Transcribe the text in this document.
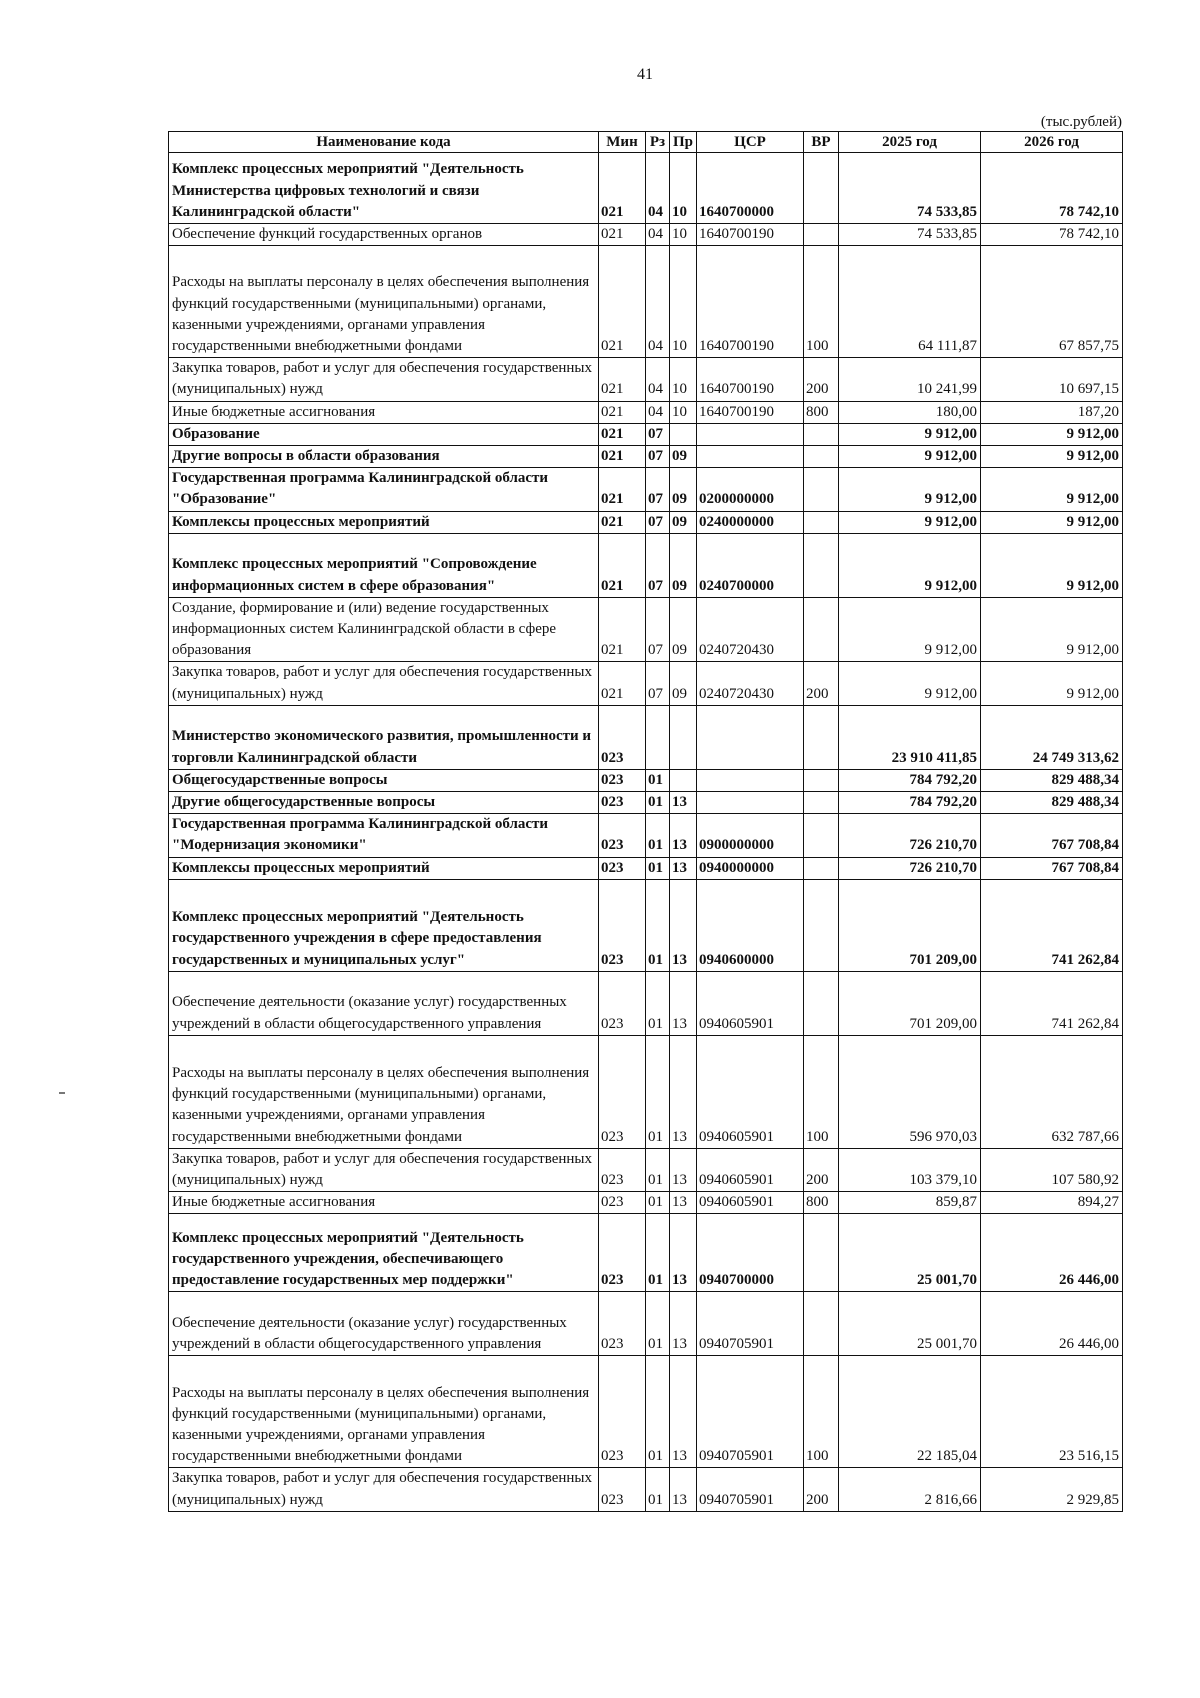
41
(тыс.рублей)
Наименование кода	Мин	Рз	Пр	ЦСР	ВР	2025 год	2026 год
Комплекс процессных мероприятий "Деятельность Министерства цифровых технологий и связи Калининградской области"	021	04	10	1640700000		74 533,85	78 742,10
Обеспечение функций государственных органов	021	04	10	1640700190		74 533,85	78 742,10
Расходы на выплаты персоналу в целях обеспечения выполнения функций государственными (муниципальными) органами, казенными учреждениями, органами управления государственными внебюджетными фондами	021	04	10	1640700190	100	64 111,87	67 857,75
Закупка товаров, работ и услуг для обеспечения государственных (муниципальных) нужд	021	04	10	1640700190	200	10 241,99	10 697,15
Иные бюджетные ассигнования	021	04	10	1640700190	800	180,00	187,20
Образование	021	07				9 912,00	9 912,00
Другие вопросы в области образования	021	07	09			9 912,00	9 912,00
Государственная программа Калининградской области "Образование"	021	07	09	0200000000		9 912,00	9 912,00
Комплексы процессных мероприятий	021	07	09	0240000000		9 912,00	9 912,00
Комплекс процессных мероприятий "Сопровождение информационных систем в сфере образования"	021	07	09	0240700000		9 912,00	9 912,00
Создание, формирование и (или) ведение государственных информационных систем Калининградской области в сфере образования	021	07	09	0240720430		9 912,00	9 912,00
Закупка товаров, работ и услуг для обеспечения государственных (муниципальных) нужд	021	07	09	0240720430	200	9 912,00	9 912,00
Министерство экономического развития, промышленности и торговли Калининградской области	023					23 910 411,85	24 749 313,62
Общегосударственные вопросы	023	01				784 792,20	829 488,34
Другие общегосударственные вопросы	023	01	13			784 792,20	829 488,34
Государственная программа Калининградской области "Модернизация экономики"	023	01	13	0900000000		726 210,70	767 708,84
Комплексы процессных мероприятий	023	01	13	0940000000		726 210,70	767 708,84
Комплекс процессных мероприятий "Деятельность государственного учреждения в сфере предоставления государственных и муниципальных услуг"	023	01	13	0940600000		701 209,00	741 262,84
Обеспечение деятельности (оказание услуг) государственных учреждений в области общегосударственного управления	023	01	13	0940605901		701 209,00	741 262,84
Расходы на выплаты персоналу в целях обеспечения выполнения функций государственными (муниципальными) органами, казенными учреждениями, органами управления государственными внебюджетными фондами	023	01	13	0940605901	100	596 970,03	632 787,66
Закупка товаров, работ и услуг для обеспечения государственных (муниципальных) нужд	023	01	13	0940605901	200	103 379,10	107 580,92
Иные бюджетные ассигнования	023	01	13	0940605901	800	859,87	894,27
Комплекс процессных мероприятий "Деятельность государственного учреждения, обеспечивающего предоставление государственных мер поддержки"	023	01	13	0940700000		25 001,70	26 446,00
Обеспечение деятельности (оказание услуг) государственных учреждений в области общегосударственного управления	023	01	13	0940705901		25 001,70	26 446,00
Расходы на выплаты персоналу в целях обеспечения выполнения функций государственными (муниципальными) органами, казенными учреждениями, органами управления государственными внебюджетными фондами	023	01	13	0940705901	100	22 185,04	23 516,15
Закупка товаров, работ и услуг для обеспечения государственных (муниципальных) нужд	023	01	13	0940705901	200	2 816,66	2 929,85
